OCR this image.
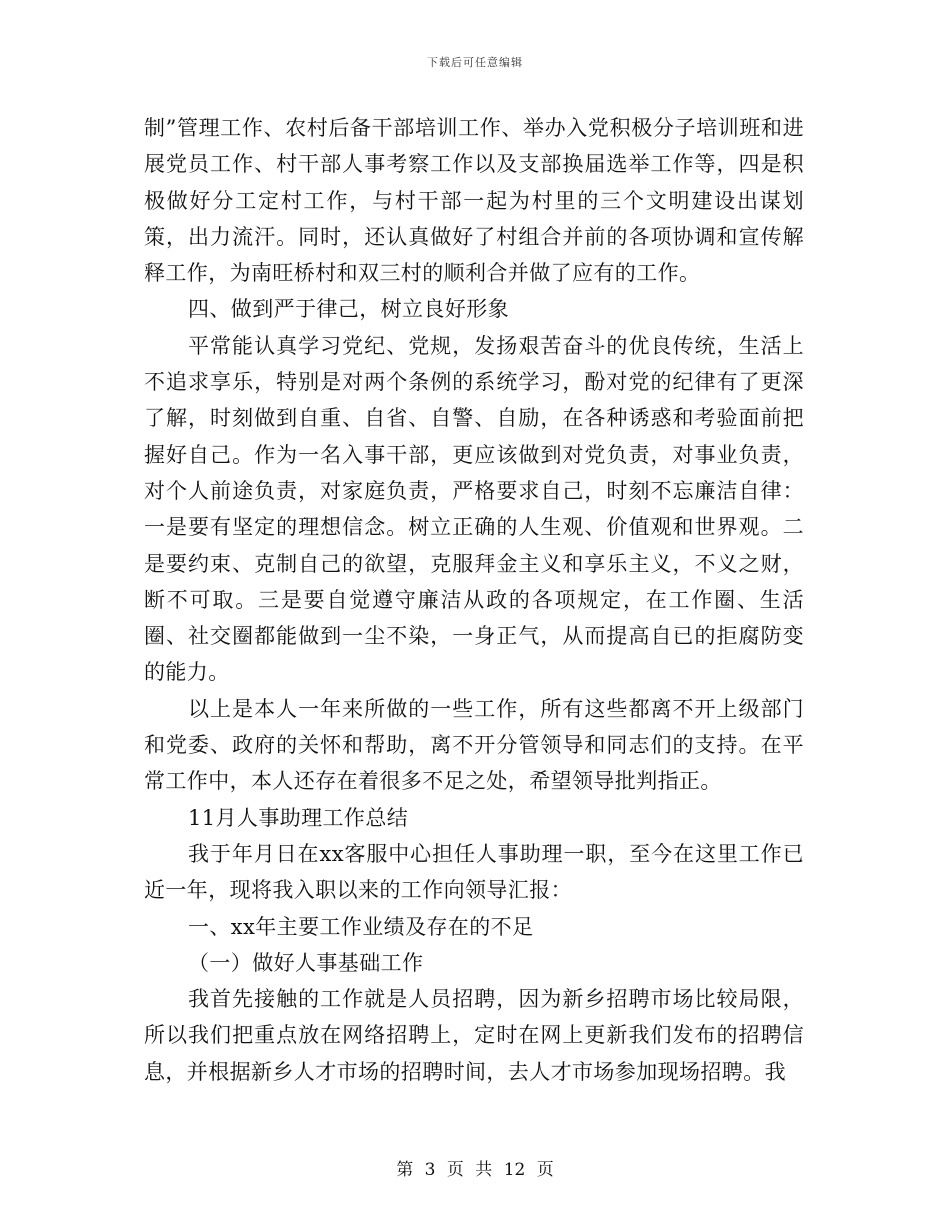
下载后可任意编辑

制”管理工作、农村后备干部培训工作、举办入党积极分子培训班和进展党员工作、村干部人事考察工作以及支部换届选举工作等，四是积极做好分工定村工作，与村干部一起为村里的三个文明建设出谋划策，出力流汗。同时，还认真做好了村组合并前的各项协调和宣传解释工作，为南旺桥村和双三村的顺利合并做了应有的工作。

四、做到严于律己，树立良好形象

平常能认真学习党纪、党规，发扬艰苦奋斗的优良传统，生活上不追求享乐，特别是对两个条例的系统学习，酚对党的纪律有了更深了解，时刻做到自重、自省、自警、自励，在各种诱惑和考验面前把握好自己。作为一名入事干部，更应该做到对党负责，对事业负责，对个人前途负责，对家庭负责，严格要求自己，时刻不忘廉洁自律：一是要有坚定的理想信念。树立正确的人生观、价值观和世界观。二是要约束、克制自己的欲望，克服拜金主义和享乐主义，不义之财，断不可取。三是要自觉遵守廉洁从政的各项规定，在工作圈、生活圈、社交圈都能做到一尘不染，一身正气，从而提高自已的拒腐防变的能力。

以上是本人一年来所做的一些工作，所有这些都离不开上级部门和党委、政府的关怀和帮助，离不开分管领导和同志们的支持。在平常工作中，本人还存在着很多不足之处，希望领导批判指正。

11月人事助理工作总结

我于年月日在xx客服中心担任人事助理一职，至今在这里工作已近一年，现将我入职以来的工作向领导汇报：

一、xx年主要工作业绩及存在的不足

（一）做好人事基础工作

我首先接触的工作就是人员招聘，因为新乡招聘市场比较局限，所以我们把重点放在网络招聘上，定时在网上更新我们发布的招聘信息，并根据新乡人才市场的招聘时间，去人才市场参加现场招聘。我

第 3 页 共 12 页
